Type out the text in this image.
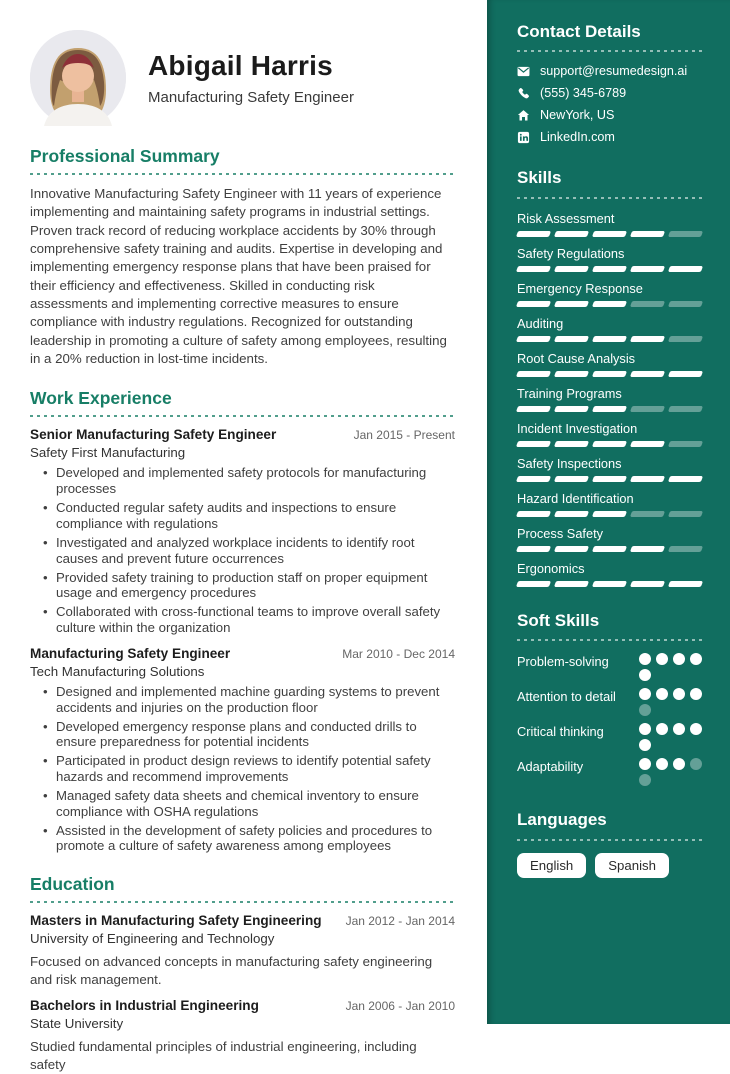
Abigail Harris
Manufacturing Safety Engineer
Professional Summary

Innovative Manufacturing Safety Engineer with 11 years of experience implementing and maintaining safety programs in industrial settings. Proven track record of reducing workplace accidents by 30% through comprehensive safety training and audits. Expertise in developing and implementing emergency response plans that have been praised for their efficiency and effectiveness. Skilled in conducting risk assessments and implementing corrective measures to ensure compliance with industry regulations. Recognized for outstanding leadership in promoting a culture of safety among employees, resulting in a 20% reduction in lost-time incidents.

Work Experience
Senior Manufacturing Safety Engineer	Jan 2015 - Present
Safety First Manufacturing
• Developed and implemented safety protocols for manufacturing processes
• Conducted regular safety audits and inspections to ensure compliance with regulations
• Investigated and analyzed workplace incidents to identify root causes and prevent future occurrences
• Provided safety training to production staff on proper equipment usage and emergency procedures
• Collaborated with cross-functional teams to improve overall safety culture within the organization
Manufacturing Safety Engineer	Mar 2010 - Dec 2014
Tech Manufacturing Solutions
• Designed and implemented machine guarding systems to prevent accidents and injuries on the production floor
• Developed emergency response plans and conducted drills to ensure preparedness for potential incidents
• Participated in product design reviews to identify potential safety hazards and recommend improvements
• Managed safety data sheets and chemical inventory to ensure compliance with OSHA regulations
• Assisted in the development of safety policies and procedures to promote a culture of safety awareness among employees
Education
Masters in Manufacturing Safety Engineering	Jan 2012 - Jan 2014
University of Engineering and Technology
Focused on advanced concepts in manufacturing safety engineering and risk management.
Bachelors in Industrial Engineering	Jan 2006 - Jan 2010
State University
Studied fundamental principles of industrial engineering, including safety
Contact Details
support@resumedesign.ai
(555) 345-6789
NewYork, US
LinkedIn.com
Skills
Risk Assessment
Safety Regulations
Emergency Response
Auditing
Root Cause Analysis
Training Programs
Incident Investigation
Safety Inspections
Hazard Identification
Process Safety
Ergonomics
Soft Skills
Problem-solving
Attention to detail
Critical thinking
Adaptability
Languages
English	Spanish
